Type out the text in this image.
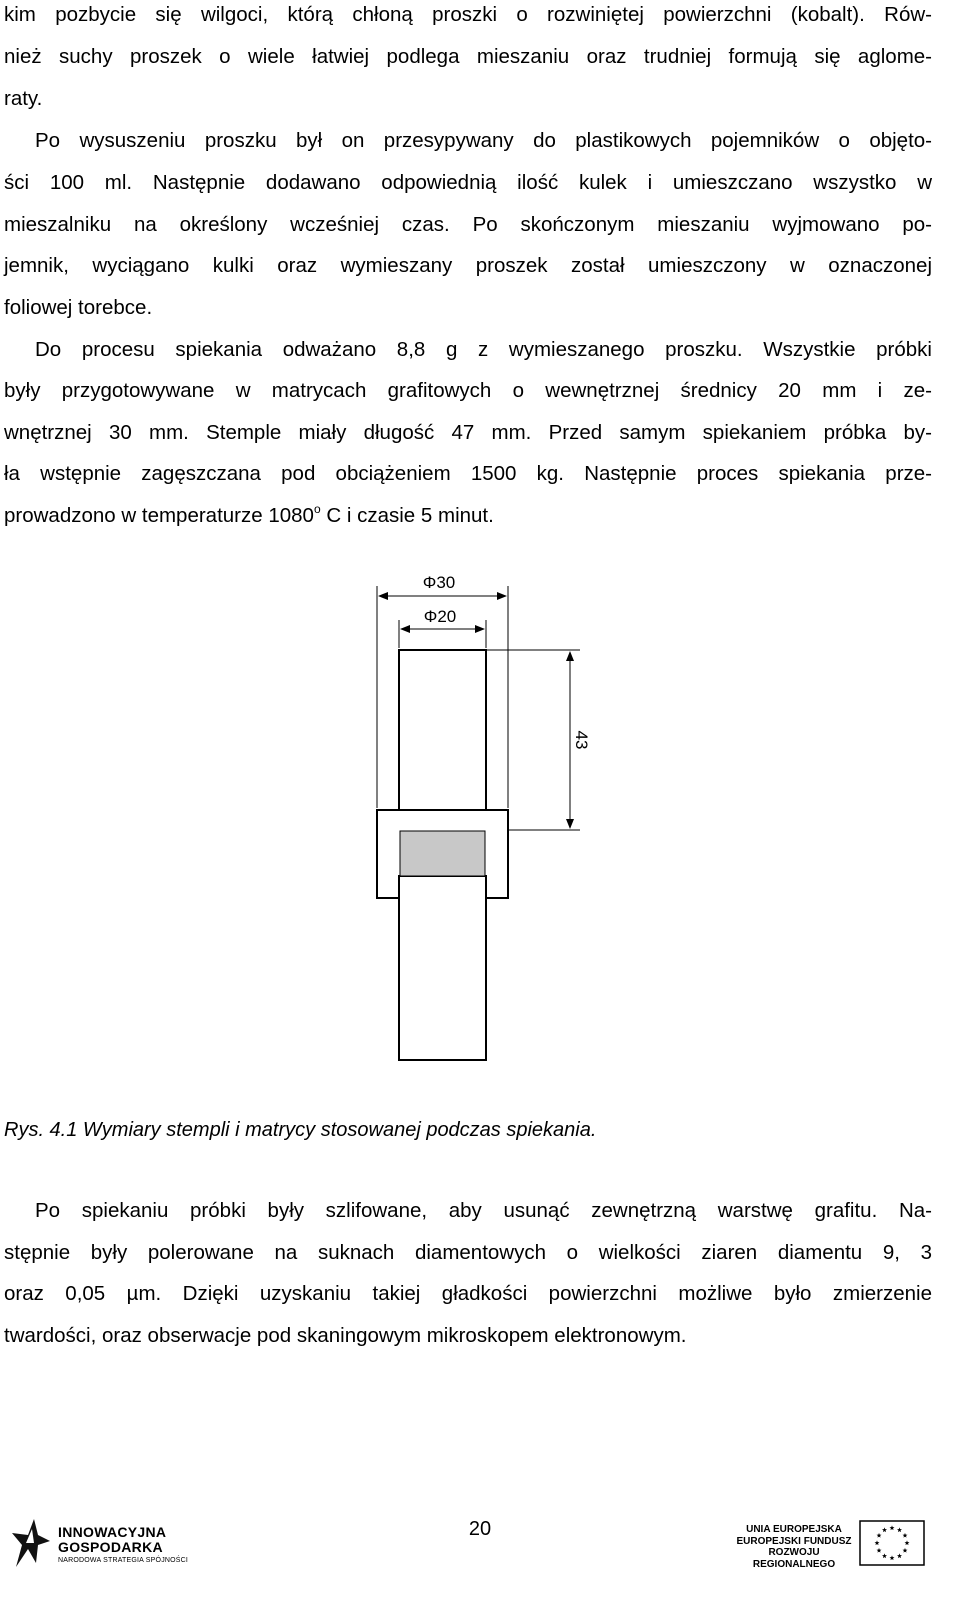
kim pozbycie się wilgoci, którą chłoną proszki o rozwiniętej powierzchni (kobalt). Rów-
nież suchy proszek o wiele łatwiej podlega mieszaniu oraz trudniej formują się aglome-
raty.
Po wysuszeniu proszku był on przesypywany do plastikowych pojemników o objęto-
ści 100 ml. Następnie dodawano odpowiednią ilość kulek i umieszczano wszystko w
mieszalniku na określony wcześniej czas. Po skończonym mieszaniu wyjmowano po-
jemnik, wyciągano kulki oraz wymieszany proszek został umieszczony w oznaczonej
foliowej torebce.
Do procesu spiekania odważano 8,8 g z wymieszanego proszku. Wszystkie próbki
były przygotowywane w matrycach grafitowych o wewnętrznej średnicy 20 mm i ze-
wnętrznej 30 mm. Stemple miały długość 47 mm. Przed samym spiekaniem próbka by-
ła wstępnie zagęszczana pod obciążeniem 1500 kg. Następnie proces spiekania prze-
prowadzono w temperaturze 1080$^o$ C i czasie 5 minut.
Φ30
Φ20
43
Rys. 4.1 Wymiary stempli i matrycy stosowanej podczas spiekania.
Po spiekaniu próbki były szlifowane, aby usunąć zewnętrzną warstwę grafitu. Na-
stępnie były polerowane na suknach diamentowych o wielkości ziaren diamentu 9, 3
oraz 0,05 µm. Dzięki uzyskaniu takiej gładkości powierzchni możliwe było zmierzenie
twardości, oraz obserwacje pod skaningowym mikroskopem elektronowym.
INNOWACYJNA
GOSPODARKA
NARODOWA STRATEGIA SPÓJNOŚCI
20	UNIA EUROPEJSKA
EUROPEJSKI FUNDUSZ
ROZWOJU REGIONALNEGO
